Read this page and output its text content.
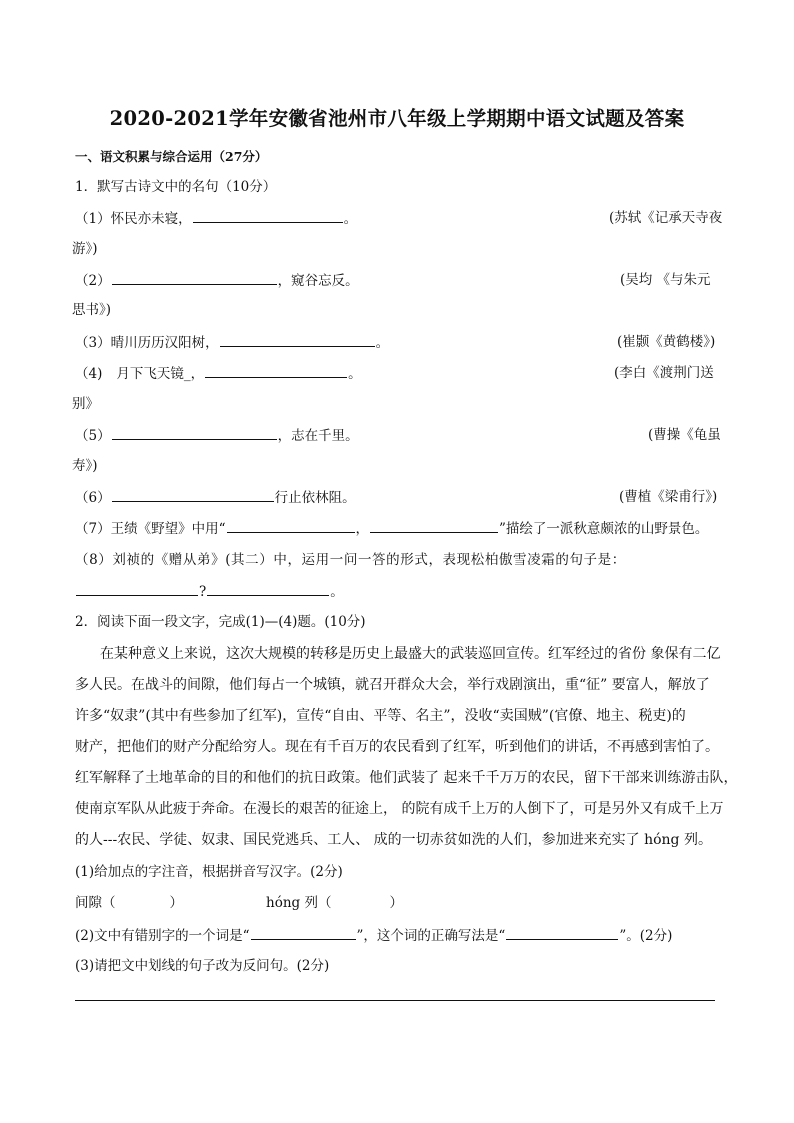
2020-2021学年安徽省池州市八年级上学期期中语文试题及答案
一、语文积累与综合运用（27分）
1．默写古诗文中的名句（10分）
（1）怀民亦未寝，	。	(苏轼《记承天寺夜
游》)
（2）	，窥谷忘反。	(吴均 《与朱元
思书》)
（3）晴川历历汉阳树，	。	(崔颢《黄鹤楼》)
（4) 月下飞天镜_，	。	(李白《渡荆门送
别》
（5）	，志在千里。	(曹操《龟虽
寿》)
（6）	行止依林阻。	(曹植《梁甫行》)
（7）王绩《野望》中用“	，	”描绘了一派秋意颇浓的山野景色。
（8）刘祯的《赠从弟》(其二）中，运用一问一答的形式，表现松柏傲雪凌霜的句子是：
?	。
2．阅读下面一段文字，完成(1)—(4)题。(10分)
在某种意义上来说，这次大规模的转移是历史上最盛大的武装巡回宣传。红军经过的省份 象保有二亿
多人民。在战斗的间隙，他们每占一个城镇，就召开群众大会，举行戏剧演出，重“征” 要富人，解放了
许多“奴隶”(其中有些参加了红军)，宣传“自由、平等、名主”，没收“卖国贼”(官僚、地主、税吏)的
财产，把他们的财产分配给穷人。现在有千百万的农民看到了红军，听到他们的讲话，不再感到害怕了。
红军解释了土地革命的目的和他们的抗日政策。他们武装了 起来千千万万的农民，留下干部来训练游击队，
使南京军队从此疲于奔命。在漫长的艰苦的征途上， 的院有成千上万的人倒下了，可是另外又有成千上万
的人---农民、学徒、奴隶、国民党逃兵、工人、 成的一切赤贫如洗的人们，参加进来充实了 hóng 列。
(1)给加点的字注音，根据拼音写汉字。(2分)
间隙（	）	hóng 列（	）
(2)文中有错别字的一个词是“	”，这个词的正确写法是“	”。(2分)
(3)请把文中划线的句子改为反问句。(2分)
